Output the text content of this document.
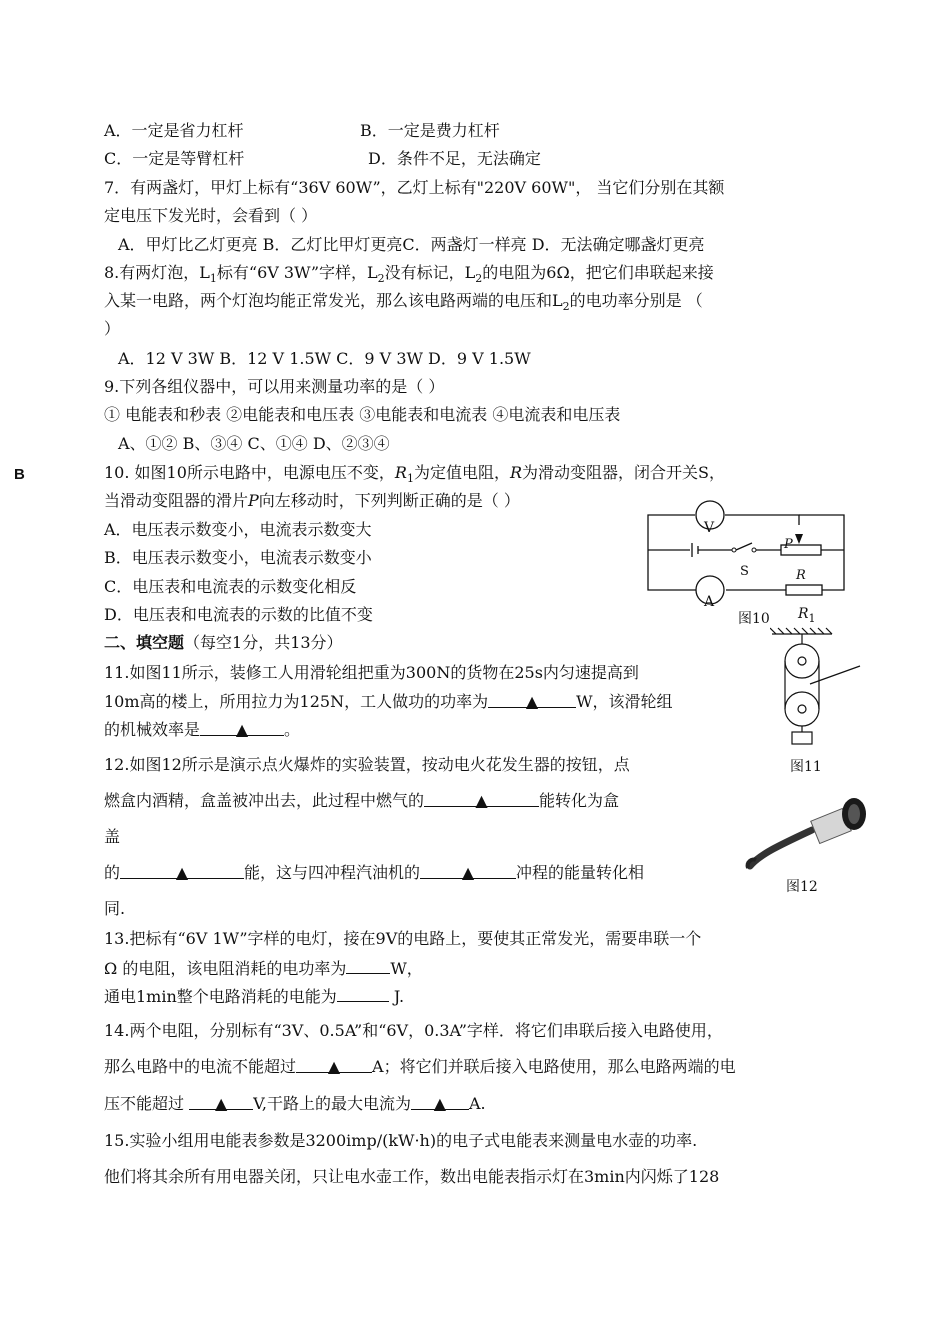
B
A．一定是省力杠杆	B．一定是费力杠杆
C．一定是等臂杠杆	D．条件不足，无法确定
7．有两盏灯，甲灯上标有“36V 60W”，乙灯上标有"220V 60W"， 当它们分别在其额
定电压下发光时，会看到（ ）
A．甲灯比乙灯更亮 B．乙灯比甲灯更亮C．两盏灯一样亮 D．无法确定哪盏灯更亮
8.有两灯泡，$L_1$标有“6V 3W”字样，$L_2$没有标记，$L_2$的电阻为6Ω，把它们串联起来接
入某一电路，两个灯泡均能正常发光，那么该电路两端的电压和$L_2$的电功率分别是 （
）
A．12 V 3W B．12 V 1.5W C．9 V 3W D．9 V 1.5W
9.下列各组仪器中，可以用来测量功率的是（ ）
① 电能表和秒表 ②电能表和电压表 ③电能表和电流表 ④电流表和电压表
A、①② B、③④ C、①④ D、②③④
10. 如图10所示电路中，电源电压不变，$R_1$为定值电阻，R为滑动变阻器，闭合开关S，
当滑动变阻器的滑片P向左移动时，下列判断正确的是（ ）
A．电压表示数变小，电流表示数变大
B．电压表示数变小，电流表示数变小
C．电压表和电流表的示数变化相反
D．电压表和电流表的示数的比值不变
V
A
S
P
R
图10 $R_1$
二、填空题（每空1分，共13分）
11.如图11所示，装修工人用滑轮组把重为300N的货物在25s内匀速提高到
10m高的楼上，所用拉力为125N，工人做功的功率为 ▲ W，该滑轮组
的机械效率是 ▲ 。
图11
12.如图12所示是演示点火爆炸的实验装置，按动电火花发生器的按钮，点
燃盒内酒精，盒盖被冲出去，此过程中燃气的	▲	能转化为盒
盖
的	▲	能，这与四冲程汽油机的	▲	冲程的能量转化相
同.
图12
13.把标有“6V 1W”字样的电灯，接在9V的电路上，要使其正常发光，需要串联一个
Ω 的电阻，该电阻消耗的电功率为	W，
通电1min整个电路消耗的电能为	J.
14.两个电阻，分别标有“3V、0.5A”和“6V，0.3A”字样．将它们串联后接入电路使用，
那么电路中的电流不能超过 ▲ A；将它们并联后接入电路使用，那么电路两端的电
压不能超过 ▲ V,干路上的最大电流为 ▲ A.
15.实验小组用电能表参数是3200imp/(kW·h)的电子式电能表来测量电水壶的功率.
他们将其余所有用电器关闭，只让电水壶工作，数出电能表指示灯在3min内闪烁了128
